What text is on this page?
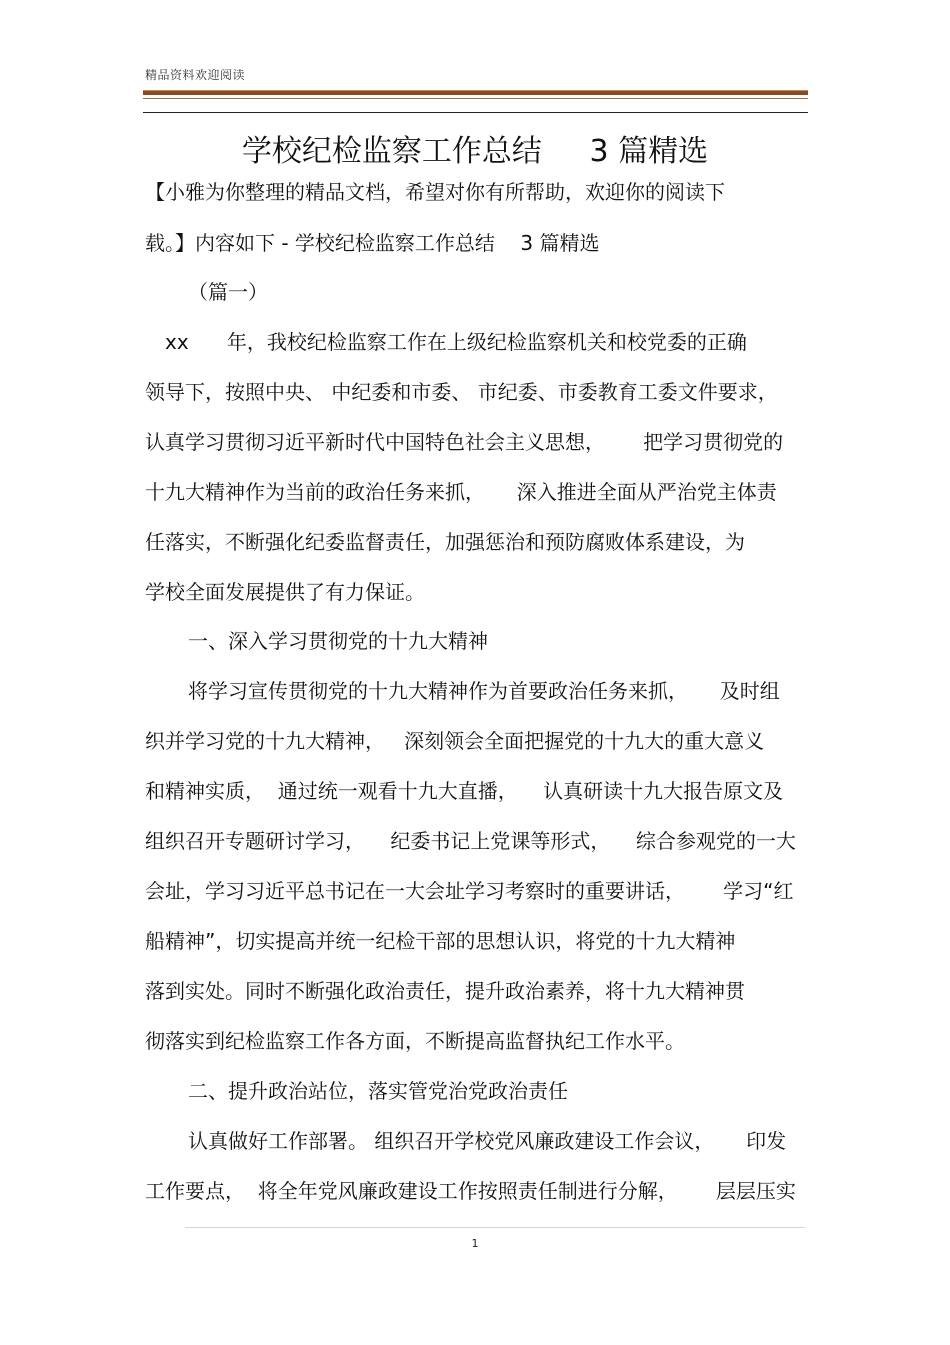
精品资料欢迎阅读
学校纪检监察工作总结     3 篇精选
【小雅为你整理的精品文档，希望对你有所帮助，欢迎你的阅读下
载。】内容如下 - 学校纪检监察工作总结    3 篇精选
（篇一）
xx      年，我校纪检监察工作在上级纪检监察机关和校党委的正确
领导下，按照中央、 中纪委和市委、 市纪委、市委教育工委文件要求，
认真学习贯彻习近平新时代中国特色社会主义思想，      把学习贯彻党的
十九大精神作为当前的政治任务来抓，     深入推进全面从严治党主体责
任落实，不断强化纪委监督责任，加强惩治和预防腐败体系建设，为
学校全面发展提供了有力保证。
一、深入学习贯彻党的十九大精神
将学习宣传贯彻党的十九大精神作为首要政治任务来抓，     及时组
织并学习党的十九大精神，   深刻领会全面把握党的十九大的重大意义
和精神实质，  通过统一观看十九大直播，    认真研读十九大报告原文及
组织召开专题研讨学习，    纪委书记上党课等形式，    综合参观党的一大
会址，学习习近平总书记在一大会址学习考察时的重要讲话，      学习“红
船精神”，切实提高并统一纪检干部的思想认识，将党的十九大精神
落到实处。同时不断强化政治责任，提升政治素养，将十九大精神贯
彻落实到纪检监察工作各方面，不断提高监督执纪工作水平。
二、提升政治站位，落实管党治党政治责任
认真做好工作部署。 组织召开学校党风廉政建设工作会议，     印发
工作要点，  将全年党风廉政建设工作按照责任制进行分解，      层层压实
1
